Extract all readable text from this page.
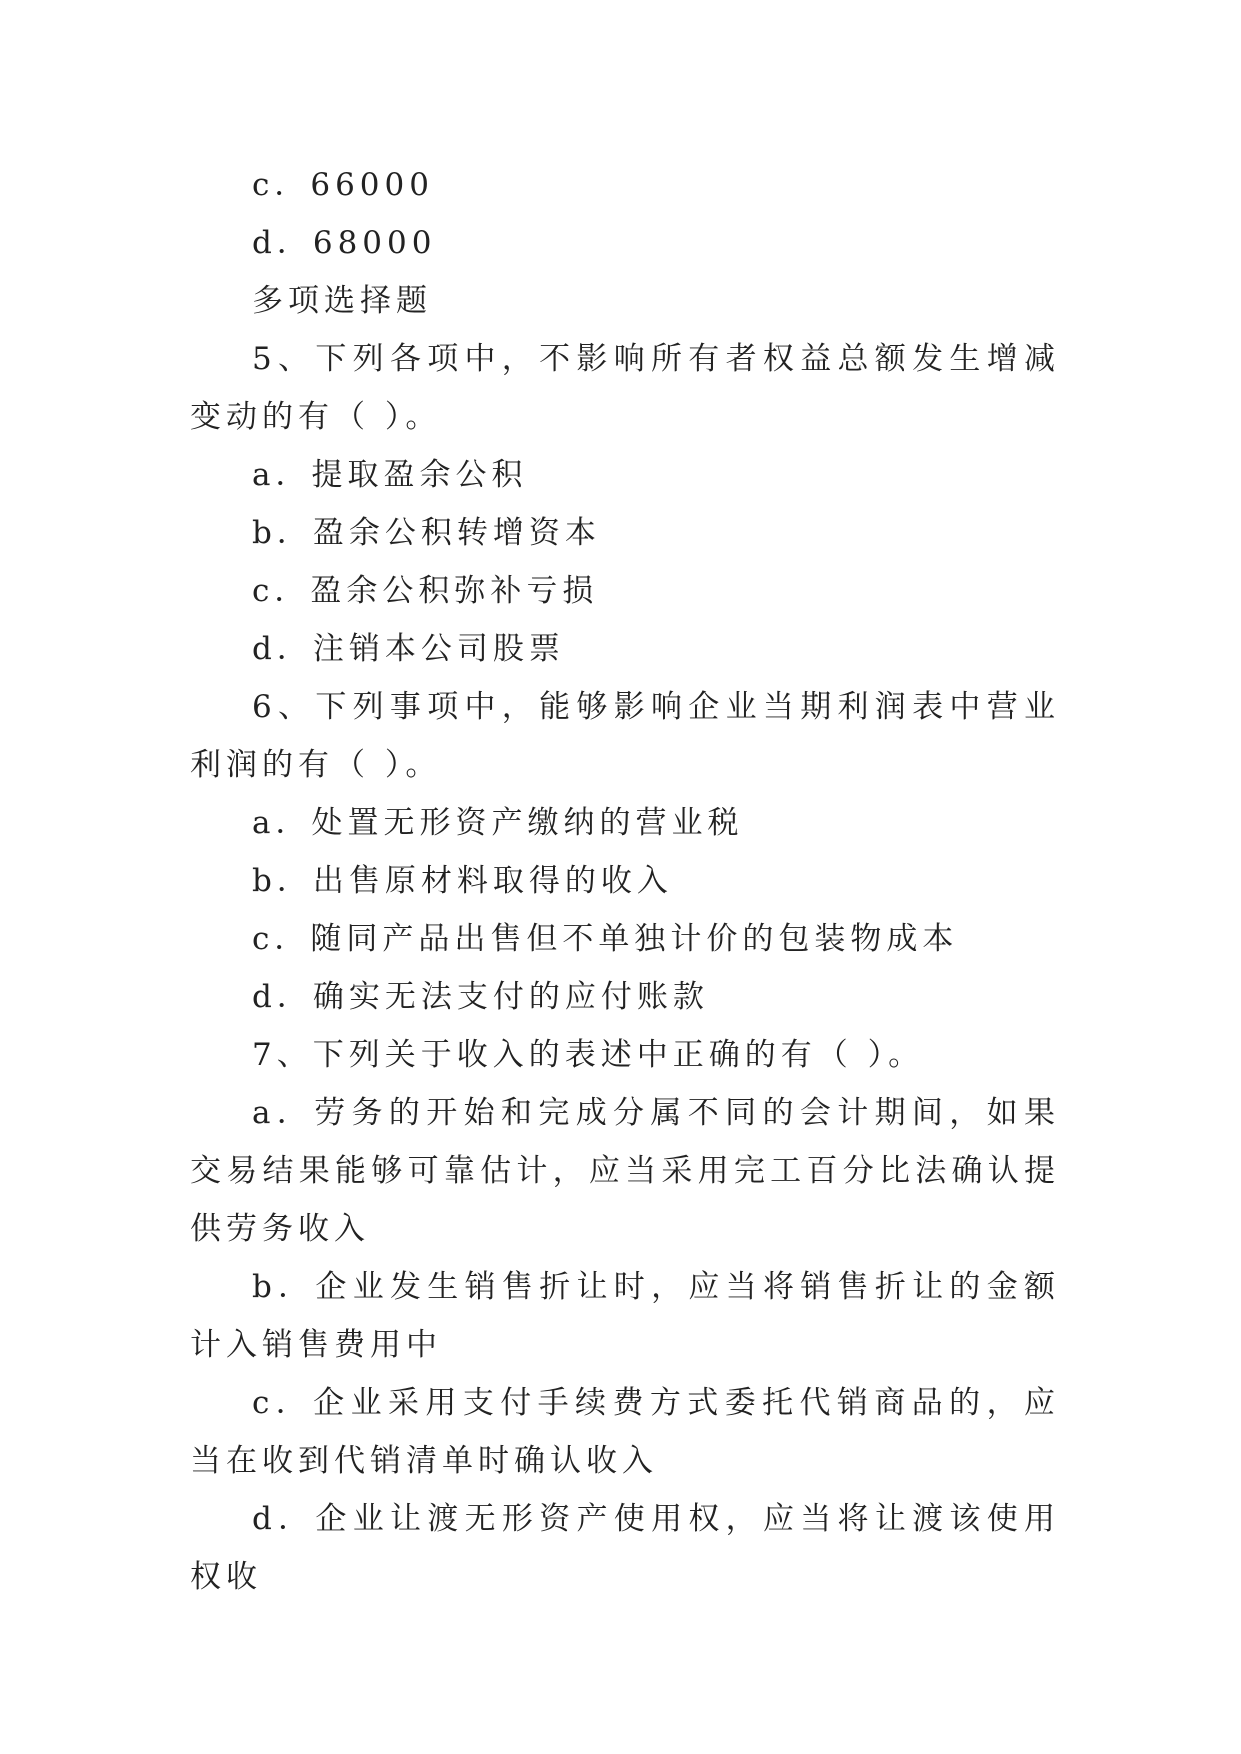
c．66000

d．68000

多项选择题

5、下列各项中，不影响所有者权益总额发生增减变动的有（ ）。

a．提取盈余公积

b．盈余公积转增资本

c．盈余公积弥补亏损

d．注销本公司股票

6、下列事项中，能够影响企业当期利润表中营业利润的有（ ）。

a．处置无形资产缴纳的营业税

b．出售原材料取得的收入

c．随同产品出售但不单独计价的包装物成本

d．确实无法支付的应付账款

7、下列关于收入的表述中正确的有（ ）。

a．劳务的开始和完成分属不同的会计期间，如果交易结果能够可靠估计，应当采用完工百分比法确认提供劳务收入

b．企业发生销售折让时，应当将销售折让的金额计入销售费用中

c．企业采用支付手续费方式委托代销商品的，应当在收到代销清单时确认收入

d．企业让渡无形资产使用权，应当将让渡该使用权收
